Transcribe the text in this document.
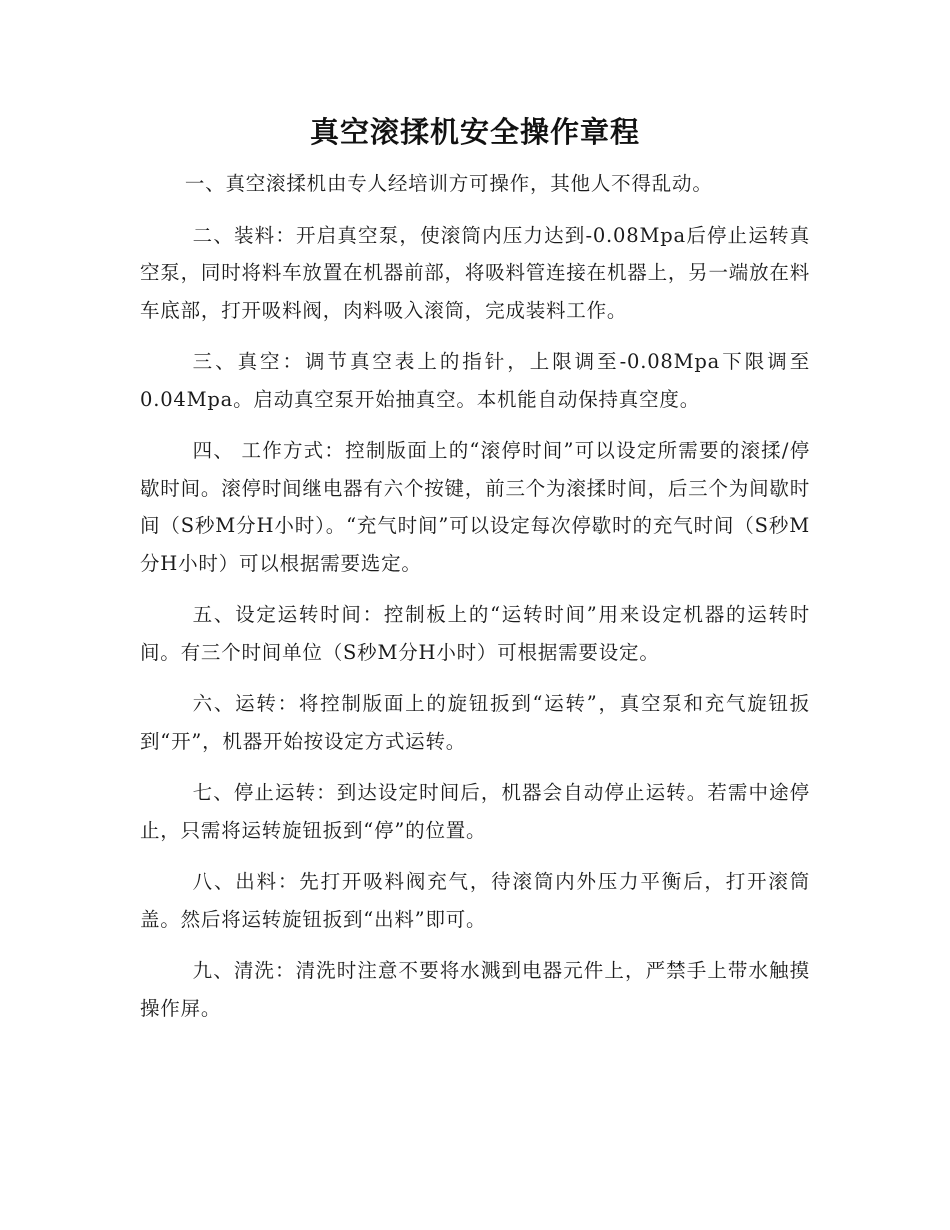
真空滚揉机安全操作章程

一、真空滚揉机由专人经培训方可操作，其他人不得乱动。

二、装料：开启真空泵，使滚筒内压力达到-0.08Mpa后停止运转真空泵，同时将料车放置在机器前部，将吸料管连接在机器上，另一端放在料车底部，打开吸料阀，肉料吸入滚筒，完成装料工作。

三、真空：调节真空表上的指针，上限调至-0.08Mpa下限调至0.04Mpa。启动真空泵开始抽真空。本机能自动保持真空度。

四、 工作方式：控制版面上的“滚停时间”可以设定所需要的滚揉/停歇时间。滚停时间继电器有六个按键，前三个为滚揉时间，后三个为间歇时间（S秒M分H小时）。“充气时间”可以设定每次停歇时的充气时间（S秒M分H小时）可以根据需要选定。

五、设定运转时间：控制板上的“运转时间”用来设定机器的运转时间。有三个时间单位（S秒M分H小时）可根据需要设定。

六、运转：将控制版面上的旋钮扳到“运转”，真空泵和充气旋钮扳到“开”，机器开始按设定方式运转。

七、停止运转：到达设定时间后，机器会自动停止运转。若需中途停止，只需将运转旋钮扳到“停”的位置。

八、出料：先打开吸料阀充气，待滚筒内外压力平衡后，打开滚筒盖。然后将运转旋钮扳到“出料”即可。

九、清洗：清洗时注意不要将水溅到电器元件上，严禁手上带水触摸操作屏。
